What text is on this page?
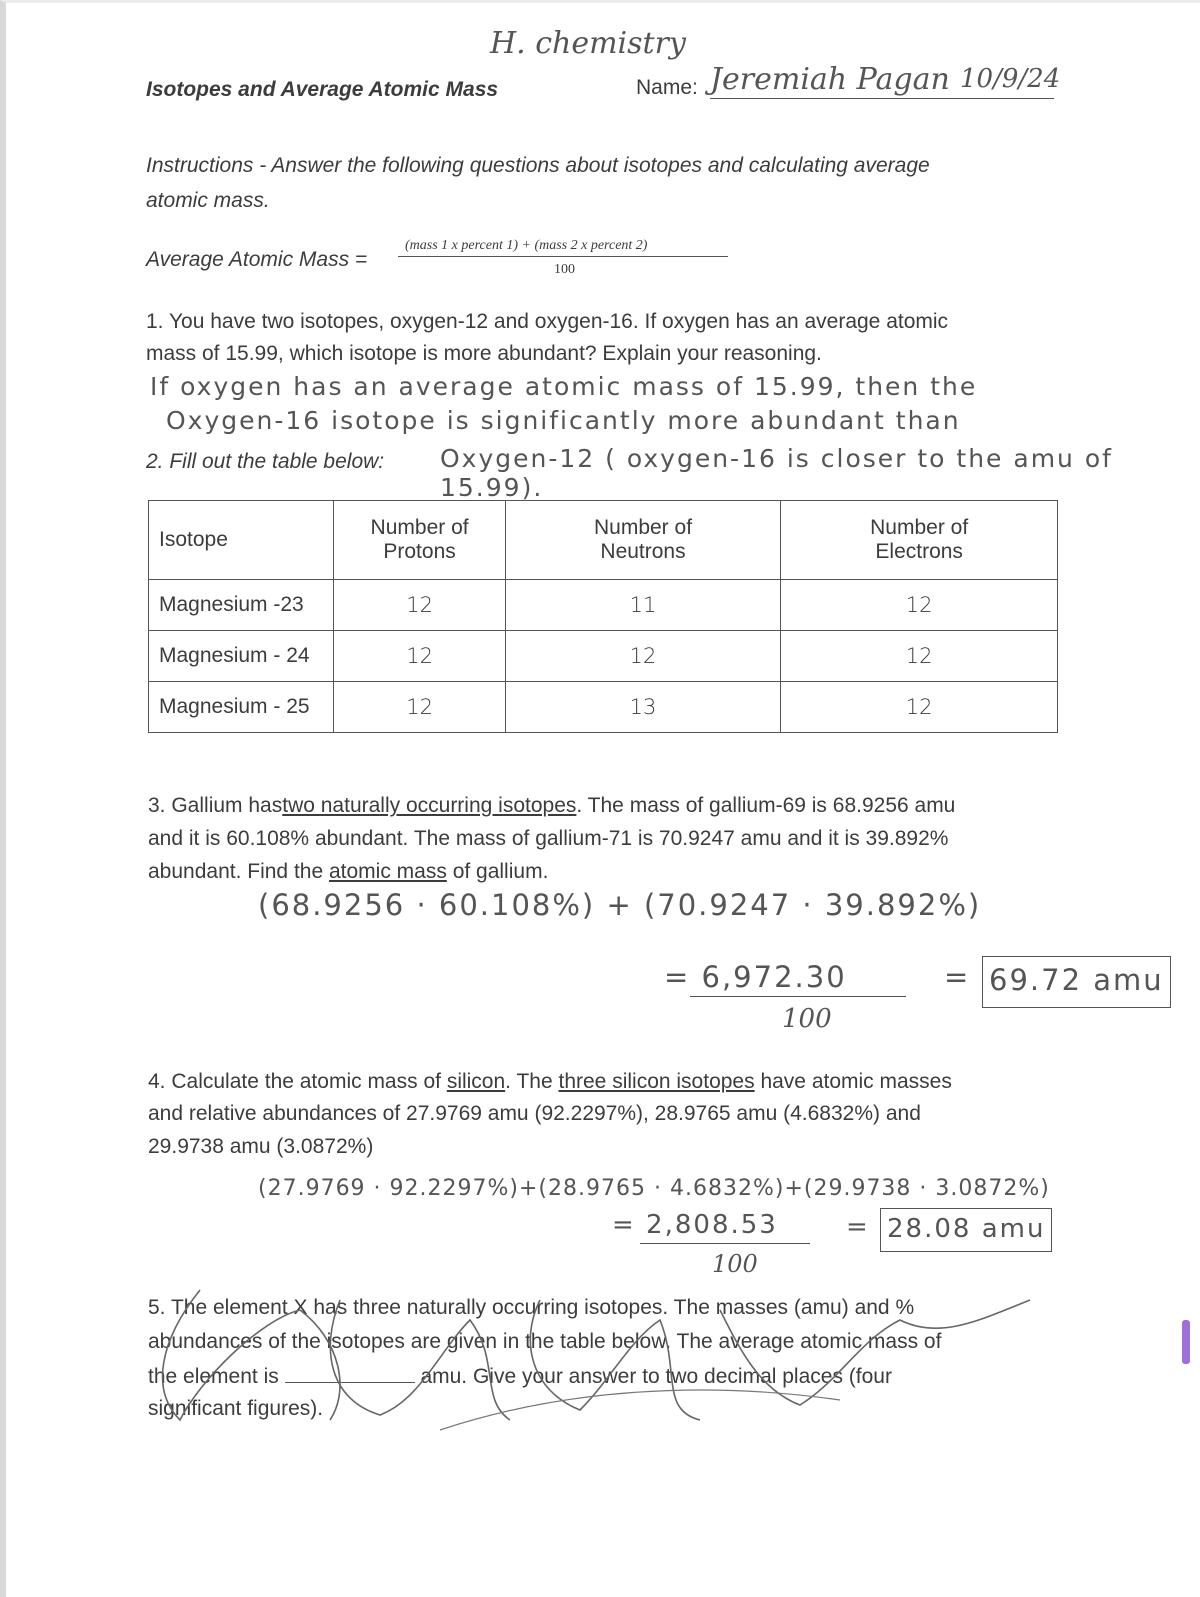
H. chemistry
Isotopes and Average Atomic Mass	Name: Jeremiah Pagan 10/9/24
Instructions - Answer the following questions about isotopes and calculating average
atomic mass.
Average Atomic Mass =
(mass 1 x percent 1) + (mass 2 x percent 2)
100
1. You have two isotopes, oxygen-12 and oxygen-16. If oxygen has an average atomic
mass of 15.99, which isotope is more abundant? Explain your reasoning.
If oxygen has an average atomic mass of 15.99, then the
Oxygen-16 isotope is significantly more abundant than
2. Fill out the table below: Oxygen-12 ( oxygen-16 is closer to the amu of 15.99).
Isotope	Number of Protons	Number of Neutrons	Number of Electrons
Magnesium -23	12	11	12
Magnesium - 24	12	12	12
Magnesium - 25	12	13	12
3. Gallium hastwo naturally occurring isotopes. The mass of gallium-69 is 68.9256 amu
and it is 60.108% abundant. The mass of gallium-71 is 70.9247 amu and it is 39.892%
abundant. Find the atomic mass of gallium.
(68.9256 · 60.108%) + (70.9247 · 39.892%)
= 6,972.30
100
= 69.72 amu
4. Calculate the atomic mass of silicon. The three silicon isotopes have atomic masses
and relative abundances of 27.9769 amu (92.2297%), 28.9765 amu (4.6832%) and
29.9738 amu (3.0872%)
(27.9769 · 92.2297%)+(28.9765 · 4.6832%)+(29.9738 · 3.0872%)
= 2,808.53
100
= 28.08 amu
5. The element X has three naturally occurring isotopes. The masses (amu) and %
abundances of the isotopes are given in the table below. The average atomic mass of
the element is	amu. Give your answer to two decimal places (four
significant figures).
